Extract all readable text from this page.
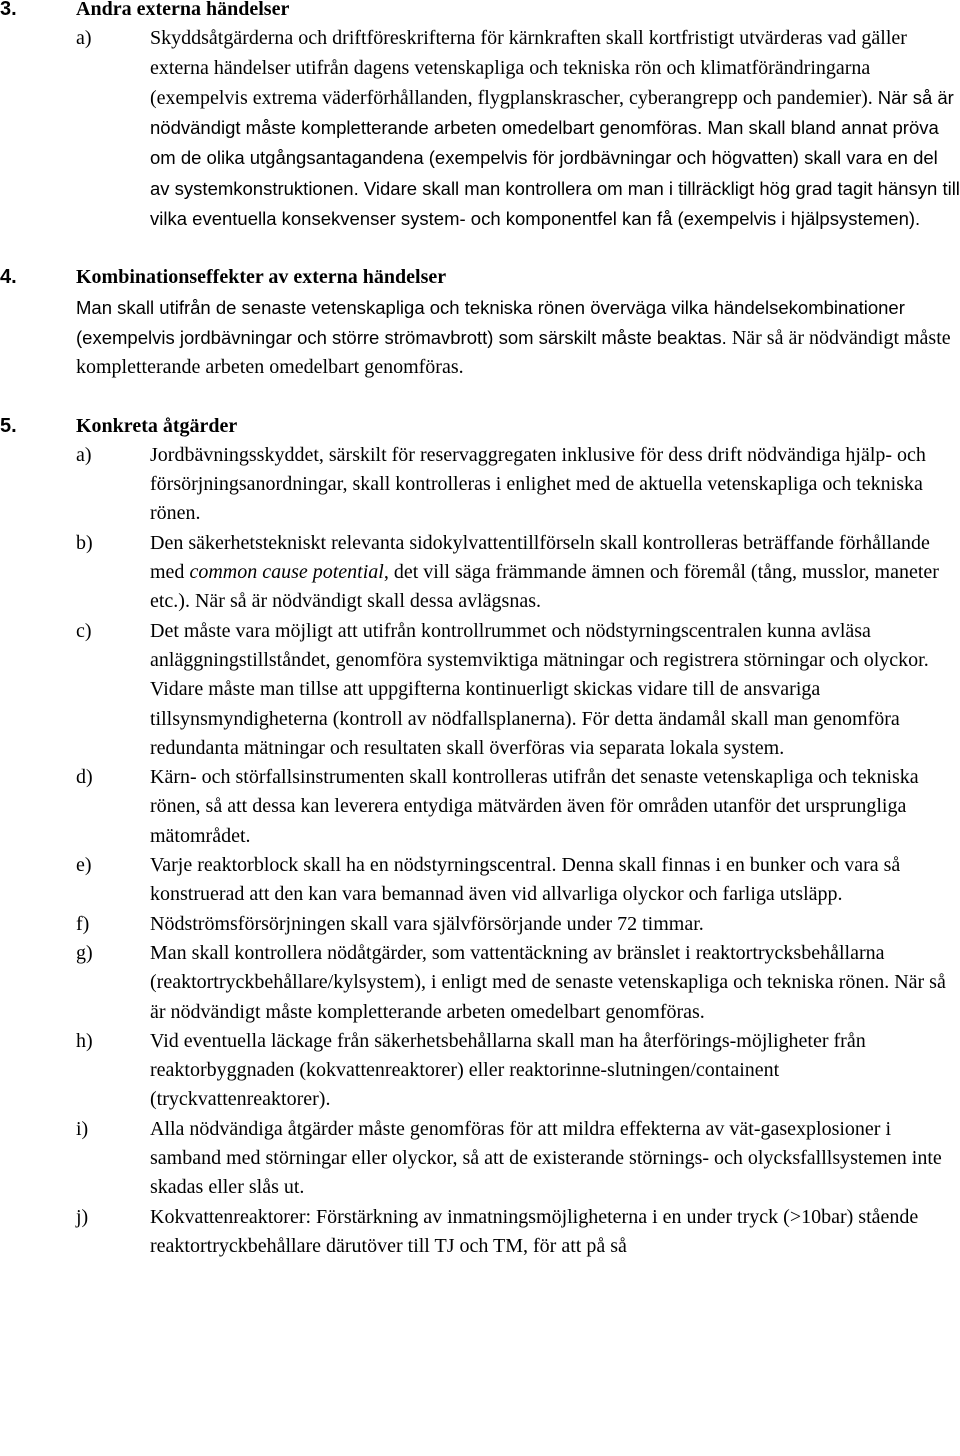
3.	Andra externa händelser
a)	Skyddsåtgärderna och driftföreskrifterna för kärnkraften skall kortfristigt utvärderas vad gäller externa händelser utifrån dagens vetenskapliga och tekniska rön och klimatförändringarna (exempelvis extrema väderförhållanden, flygplanskrascher, cyberangrepp och pandemier). När så är nödvändigt måste kompletterande arbeten omedelbart genomföras. Man skall bland annat pröva om de olika utgångsantagandena (exempelvis för jordbävningar och högvatten) skall vara en del av systemkonstruktionen. Vidare skall man kontrollera om man i tillräckligt hög grad tagit hänsyn till vilka eventuella konsekvenser system- och komponentfel kan få (exempelvis i hjälpsystemen).
4.	Kombinationseffekter av externa händelser
Man skall utifrån de senaste vetenskapliga och tekniska rönen överväga vilka händelsekombinationer (exempelvis jordbävningar och större strömavbrott) som särskilt måste beaktas. När så är nödvändigt måste kompletterande arbeten omedelbart genomföras.
5.	Konkreta åtgärder
a)	Jordbävningsskyddet, särskilt för reservaggregaten inklusive för dess drift nödvändiga hjälp- och försörjningsanordningar, skall kontrolleras i enlighet med de aktuella vetenskapliga och tekniska rönen.
b)	Den säkerhetstekniskt relevanta sidokylvattentillförseln skall kontrolleras beträffande förhållande med common cause potential, det vill säga främmande ämnen och föremål (tång, musslor, maneter etc.). När så är nödvändigt skall dessa avlägsnas.
c)	Det måste vara möjligt att utifrån kontrollrummet och nödstyrningscentralen kunna avläsa anläggningstillståndet, genomföra systemviktiga mätningar och registrera störningar och olyckor. Vidare måste man tillse att uppgifterna kontinuerligt skickas vidare till de ansvariga tillsynsmyndigheterna (kontroll av nödfallsplanerna). För detta ändamål skall man genomföra redundanta mätningar och resultaten skall överföras via separata lokala system.
d)	Kärn- och störfallsinstrumenten skall kontrolleras utifrån det senaste vetenskapliga och tekniska rönen, så att dessa kan leverera entydiga mätvärden även för områden utanför det ursprungliga mätområdet.
e)	Varje reaktorblock skall ha en nödstyrningscentral. Denna skall finnas i en bunker och vara så konstruerad att den kan vara bemannad även vid allvarliga olyckor och farliga utsläpp.
f)	Nödströmsförsörjningen skall vara självförsörjande under 72 timmar.
g)	Man skall kontrollera nödåtgärder, som vattentäckning av bränslet i reaktortrycksbehållarna (reaktortryckbehållare/kylsystem), i enligt med de senaste vetenskapliga och tekniska rönen. När så är nödvändigt måste kompletterande arbeten omedelbart genomföras.
h)	Vid eventuella läckage från säkerhetsbehållarna skall man ha återförings-möjligheter från reaktorbyggnaden (kokvattenreaktorer) eller reaktorinne-slutningen/containent (tryckvattenreaktorer).
i)	Alla nödvändiga åtgärder måste genomföras för att mildra effekterna av vät-gasexplosioner i samband med störningar eller olyckor, så att de existerande störnings- och olycksfalllsystemen inte skadas eller slås ut.
j)	Kokvattenreaktorer: Förstärkning av inmatningsmöjligheterna i en under tryck (>10bar) stående reaktortryckbehållare därutöver till TJ och TM, för att på så
